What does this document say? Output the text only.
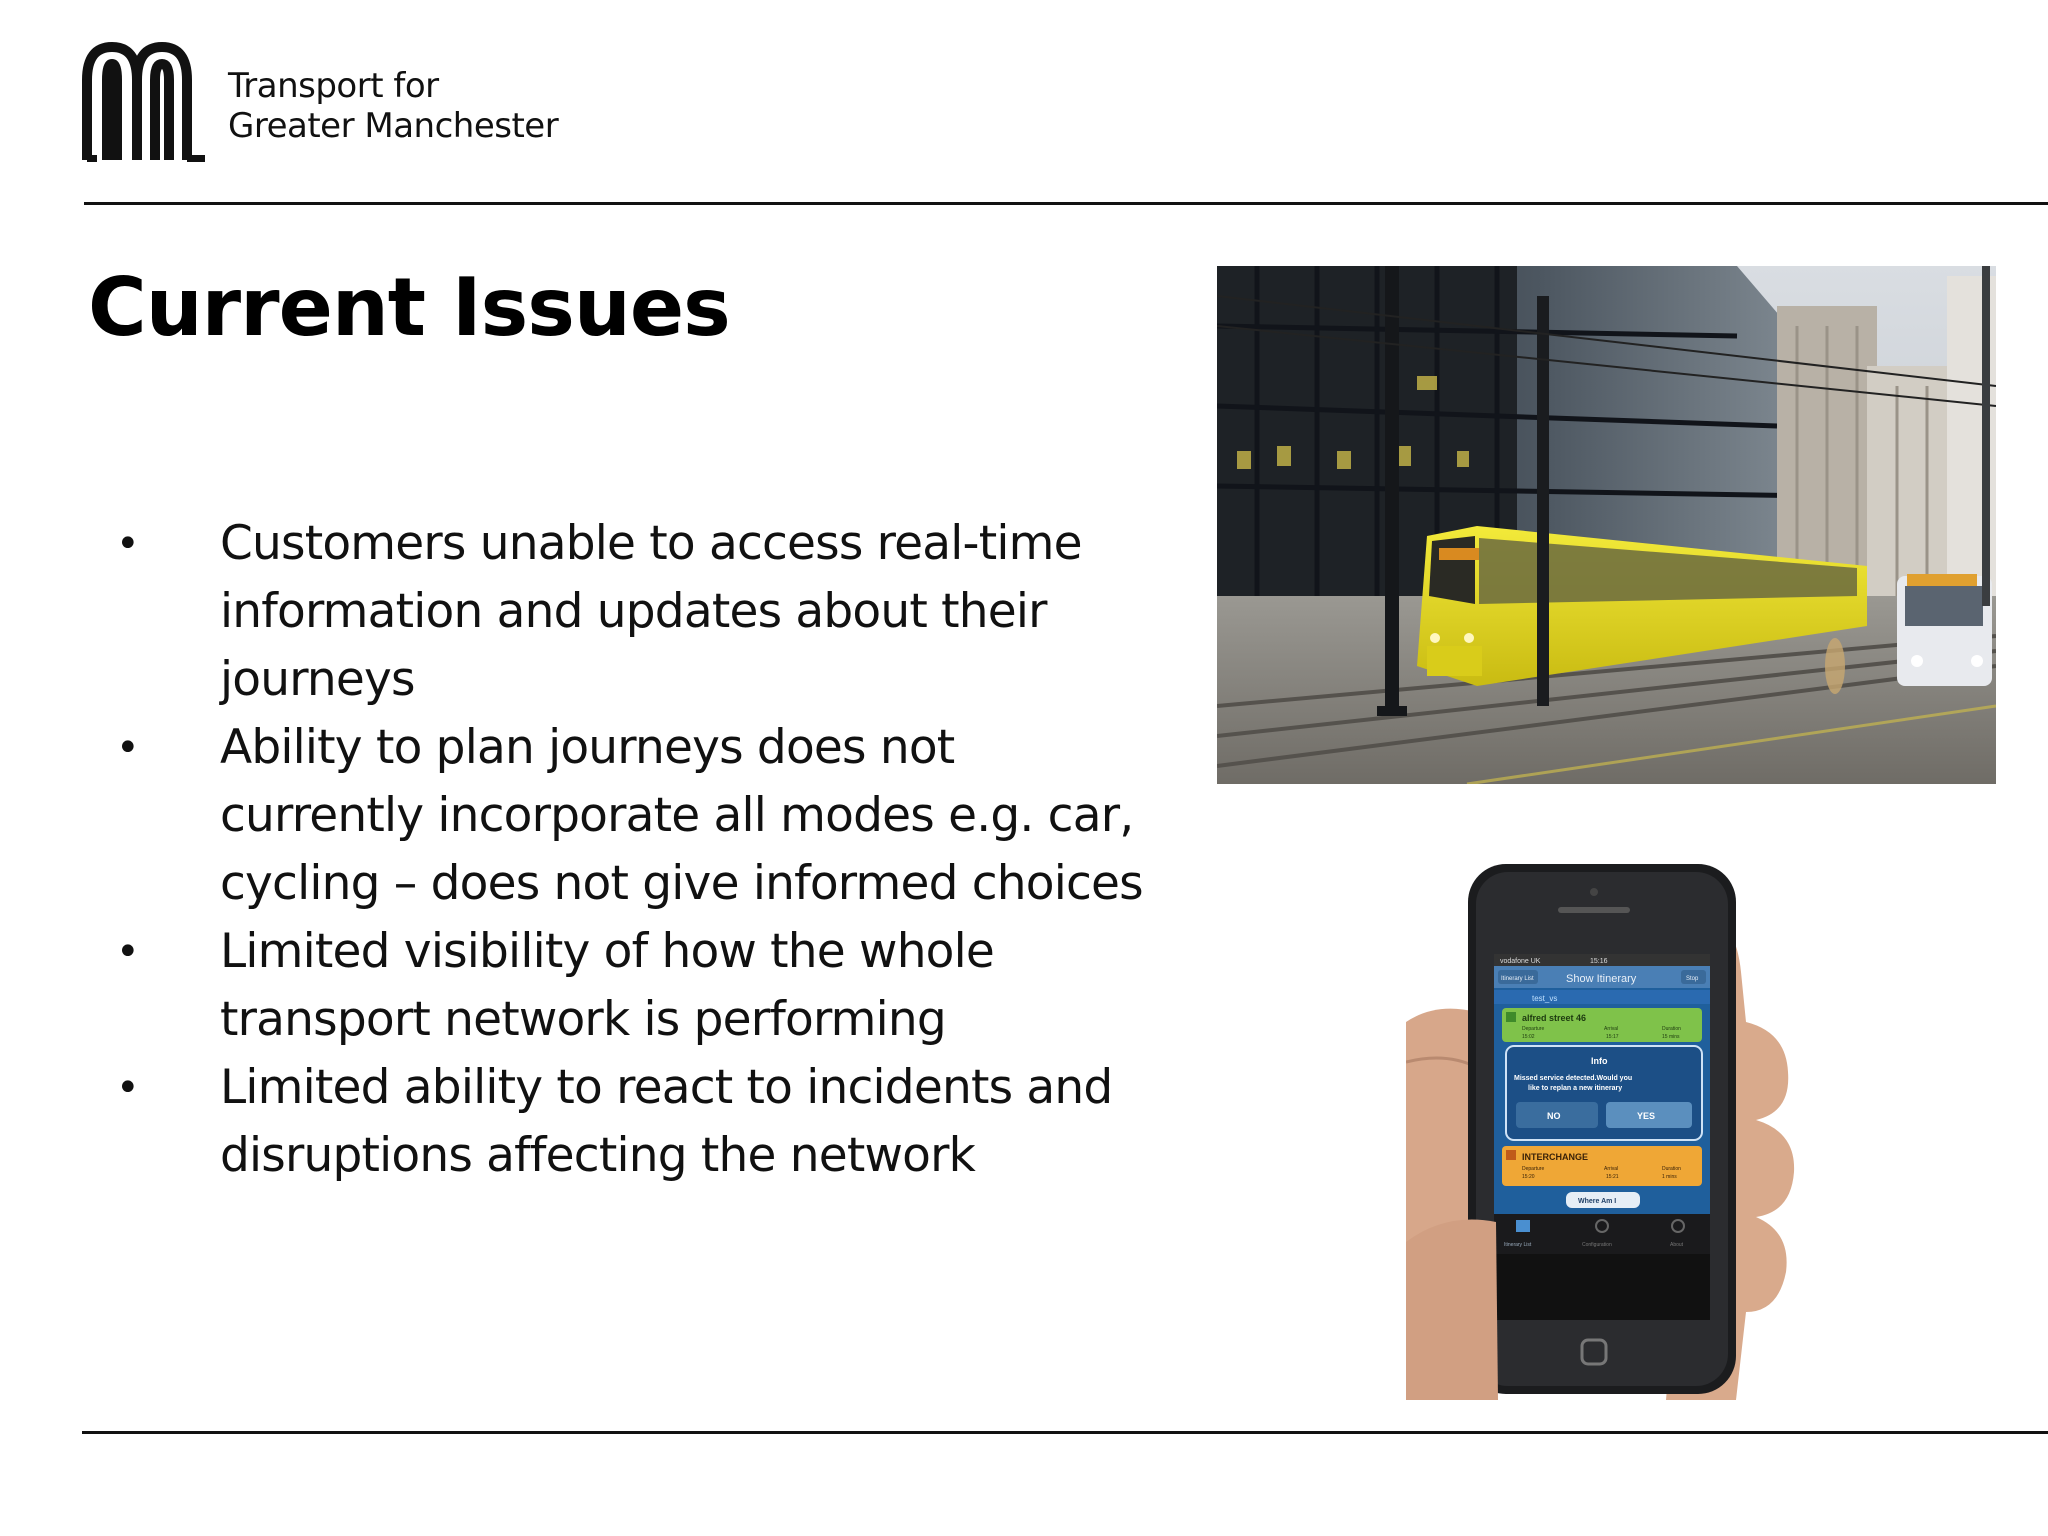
Transport for
Greater Manchester
Current Issues
• Customers unable to access real-time information and updates about their journeys
• Ability to plan journeys does not currently incorporate all modes e.g. car, cycling – does not give informed choices
• Limited visibility of how the whole transport network is performing
• Limited ability to react to incidents and disruptions affecting the network
vodafone UK	15:16
Itinerary List	Show Itinerary	Stop
test_vs
alfred street 46
Departure	Arrival	Duration
15:02	15:17	15 mins
Info
Missed service detected.Would you
like to replan a new itinerary
NO	YES
INTERCHANGE
Departure	Arrival	Duration
15:20	15:21	1 mins
Where Am I
Itinerary List	Configuration	About
